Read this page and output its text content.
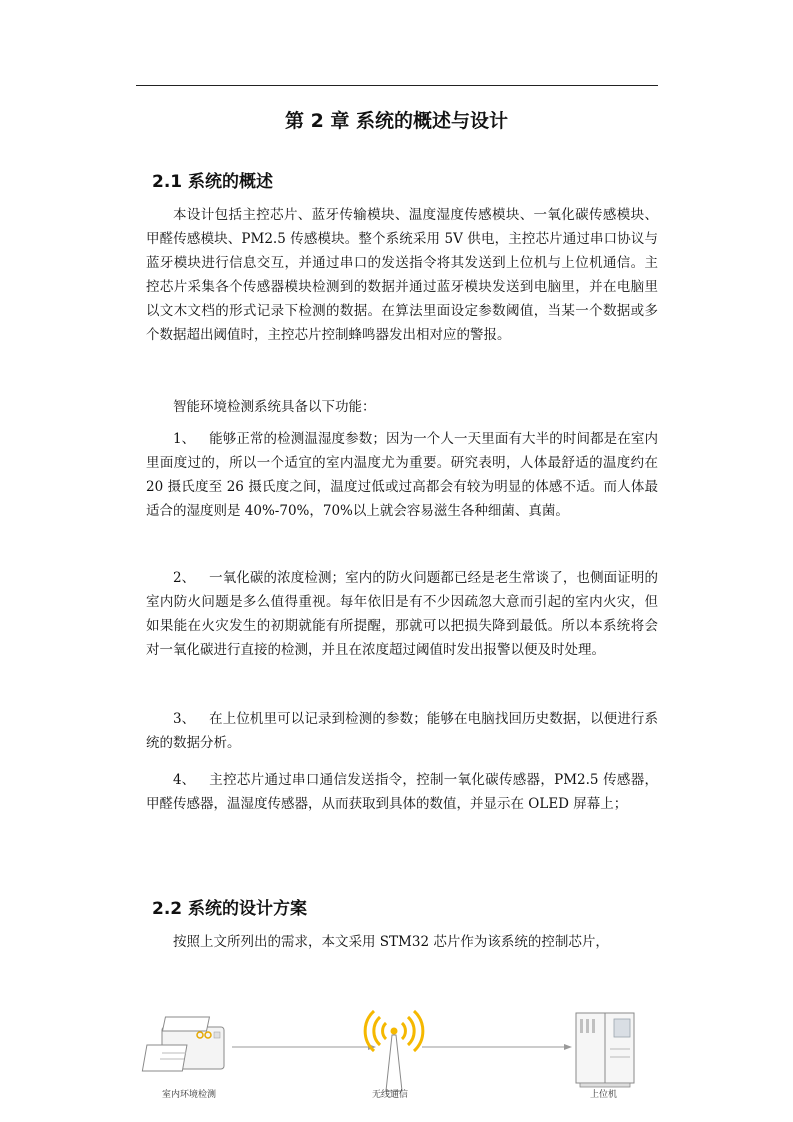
第 2 章 系统的概述与设计
2.1 系统的概述

本设计包括主控芯片、蓝牙传输模块、温度湿度传感模块、一氧化碳传感模块、甲醛传感模块、PM2.5 传感模块。整个系统采用 5V 供电，主控芯片通过串口协议与蓝牙模块进行信息交互，并通过串口的发送指令将其发送到上位机与上位机通信。主控芯片采集各个传感器模块检测到的数据并通过蓝牙模块发送到电脑里，并在电脑里以文木文档的形式记录下检测的数据。在算法里面设定参数阈值，当某一个数据或多个数据超出阈值时，主控芯片控制蜂鸣器发出相对应的警报。

智能环境检测系统具备以下功能：

1、 能够正常的检测温湿度参数；因为一个人一天里面有大半的时间都是在室内里面度过的，所以一个适宜的室内温度尤为重要。研究表明，人体最舒适的温度约在 20 摄氏度至 26 摄氏度之间，温度过低或过高都会有较为明显的体感不适。而人体最适合的湿度则是 40%-70%，70%以上就会容易滋生各种细菌、真菌。

2、 一氧化碳的浓度检测；室内的防火问题都已经是老生常谈了，也侧面证明的室内防火问题是多么值得重视。每年依旧是有不少因疏忽大意而引起的室内火灾，但如果能在火灾发生的初期就能有所提醒，那就可以把损失降到最低。所以本系统将会对一氧化碳进行直接的检测，并且在浓度超过阈值时发出报警以便及时处理。

3、 在上位机里可以记录到检测的参数；能够在电脑找回历史数据，以便进行系统的数据分析。

4、 主控芯片通过串口通信发送指令，控制一氧化碳传感器，PM2.5 传感器，甲醛传感器，温湿度传感器，从而获取到具体的数值，并显示在 OLED 屏幕上；

2.2 系统的设计方案

按照上文所列出的需求，本文采用 STM32 芯片作为该系统的控制芯片，

室内环境检测	无线通信	上位机
